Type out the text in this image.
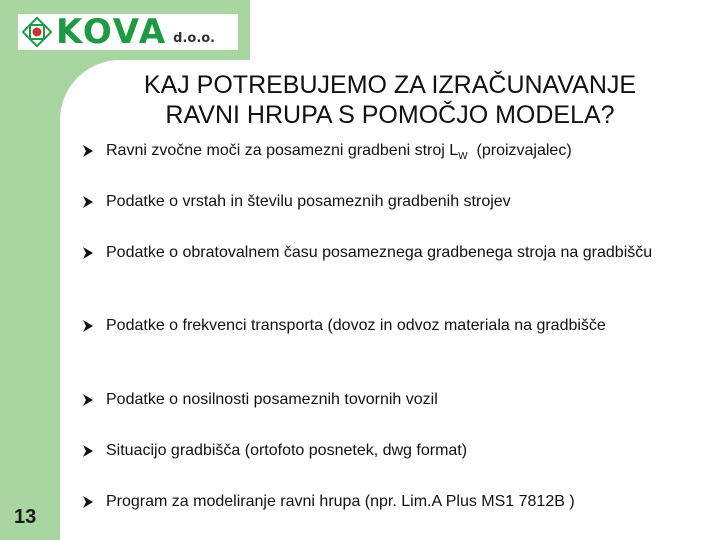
KOVA d.o.o.
KAJ POTREBUJEMO ZA IZRAČUNAVANJE
RAVNI HRUPA S POMOČJO MODELA?
Ravni zvočne moči za posamezni gradbeni stroj $L_W$  (proizvajalec)
Podatke o vrstah in številu posameznih gradbenih strojev
Podatke o obratovalnem času posameznega gradbenega stroja na gradbišču
Podatke o frekvenci transporta (dovoz in odvoz materiala na gradbišče
Podatke o nosilnosti posameznih tovornih vozil
Situacijo gradbišča (ortofoto posnetek, dwg format)
Program za modeliranje ravni hrupa (npr. Lim.A Plus MS1 7812B )
13
